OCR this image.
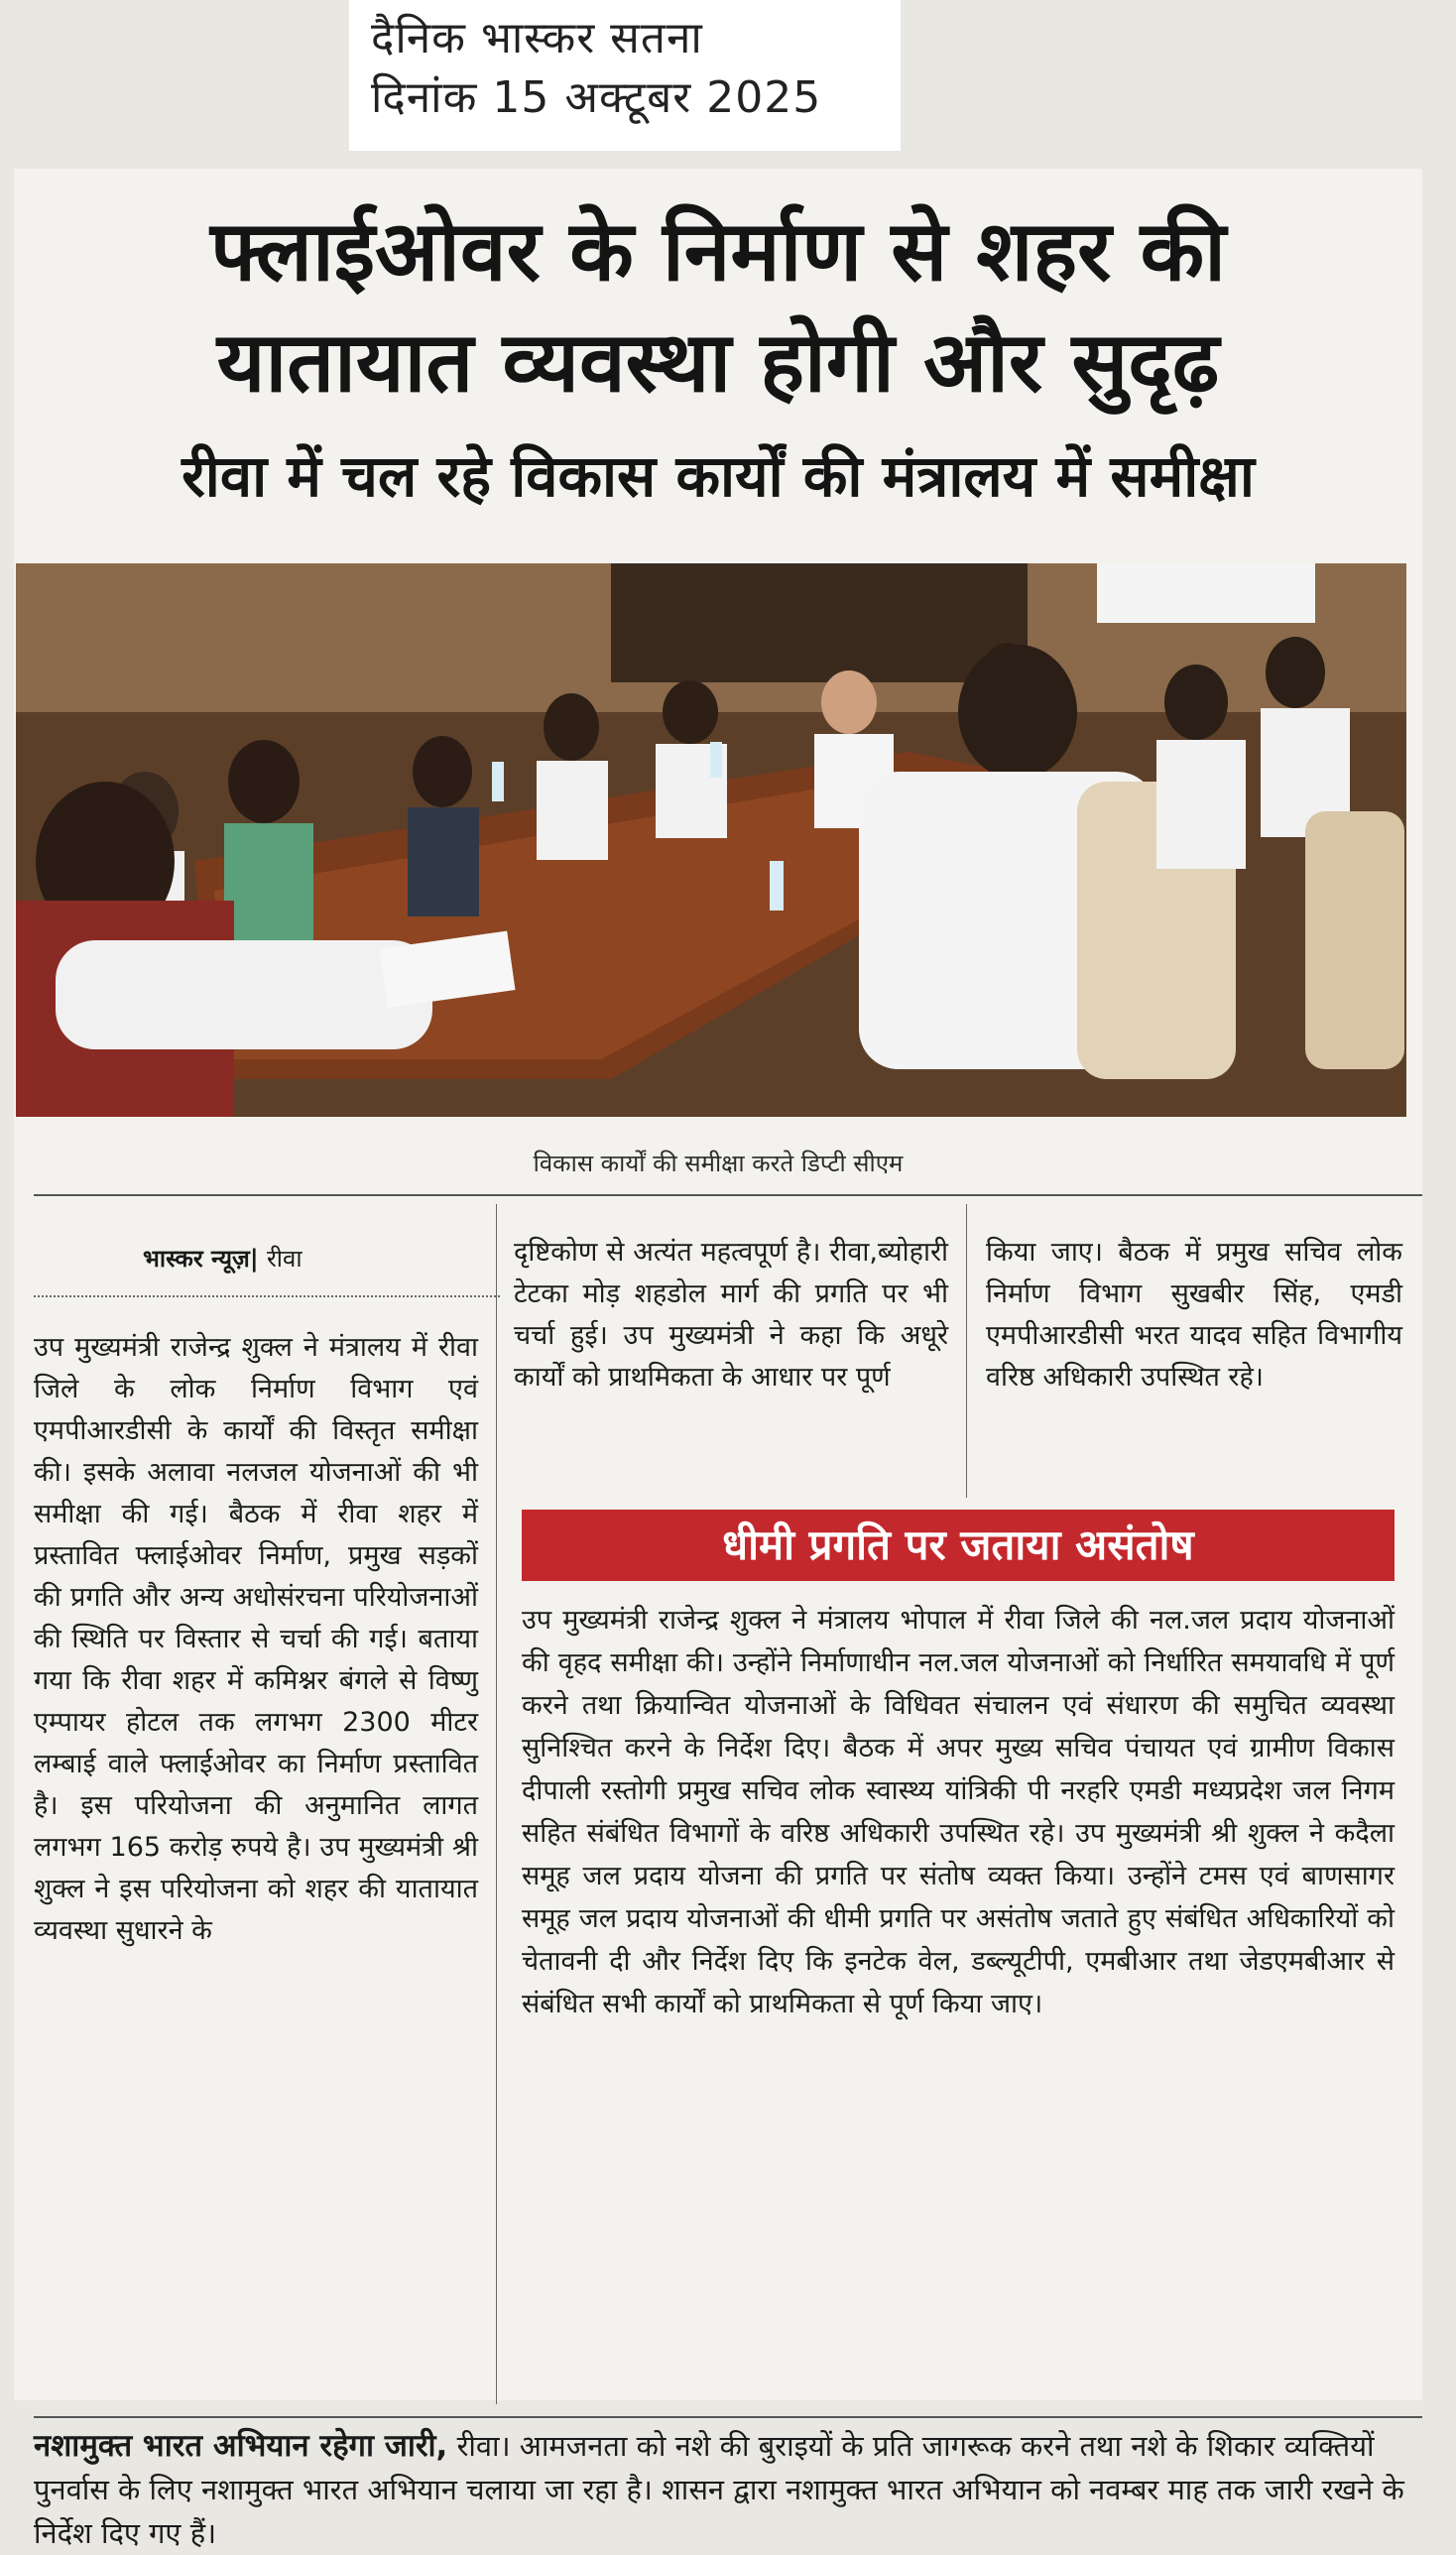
दैनिक भास्कर सतना
दिनांक 15 अक्टूबर 2025
फ्लाईओवर के निर्माण से शहर की
यातायात व्यवस्था होगी और सुदृढ़
रीवा में चल रहे विकास कार्यों की मंत्रालय में समीक्षा
विकास कार्यों की समीक्षा करते डिप्टी सीएम
भास्कर न्यूज़| रीवा
उप मुख्यमंत्री राजेन्द्र शुक्ल ने मंत्रालय में रीवा जिले के लोक निर्माण विभाग एवं एमपीआरडीसी के कार्यों की विस्तृत समीक्षा की। इसके अलावा नलजल योजनाओं की भी समीक्षा की गई। बैठक में रीवा शहर में प्रस्तावित फ्लाईओवर निर्माण, प्रमुख सड़कों की प्रगति और अन्य अधोसंरचना परियोजनाओं की स्थिति पर विस्तार से चर्चा की गई। बताया गया कि रीवा शहर में कमिश्नर बंगले से विष्णु एम्पायर होटल तक लगभग 2300 मीटर लम्बाई वाले फ्लाईओवर का निर्माण प्रस्तावित है। इस परियोजना की अनुमानित लागत लगभग 165 करोड़ रुपये है। उप मुख्यमंत्री श्री शुक्ल ने इस परियोजना को शहर की यातायात व्यवस्था सुधारने के
दृष्टिकोण से अत्यंत महत्वपूर्ण है। रीवा,ब्योहारी टेटका मोड़ शहडोल मार्ग की प्रगति पर भी चर्चा हुई। उप मुख्यमंत्री ने कहा कि अधूरे कार्यों को प्राथमिकता के आधार पर पूर्ण
किया जाए। बैठक में प्रमुख सचिव लोक निर्माण विभाग सुखबीर सिंह, एमडी एमपीआरडीसी भरत यादव सहित विभागीय वरिष्ठ अधिकारी उपस्थित रहे।
धीमी प्रगति पर जताया असंतोष
उप मुख्यमंत्री राजेन्द्र शुक्ल ने मंत्रालय भोपाल में रीवा जिले की नल.जल प्रदाय योजनाओं की वृहद समीक्षा की। उन्होंने निर्माणाधीन नल.जल योजनाओं को निर्धारित समयावधि में पूर्ण करने तथा क्रियान्वित योजनाओं के विधिवत संचालन एवं संधारण की समुचित व्यवस्था सुनिश्चित करने के निर्देश दिए। बैठक में अपर मुख्य सचिव पंचायत एवं ग्रामीण विकास दीपाली रस्तोगी प्रमुख सचिव लोक स्वास्थ्य यांत्रिकी पी नरहरि एमडी मध्यप्रदेश जल निगम सहित संबंधित विभागों के वरिष्ठ अधिकारी उपस्थित रहे। उप मुख्यमंत्री श्री शुक्ल ने कदैला समूह जल प्रदाय योजना की प्रगति पर संतोष व्यक्त किया। उन्होंने टमस एवं बाणसागर समूह जल प्रदाय योजनाओं की धीमी प्रगति पर असंतोष जताते हुए संबंधित अधिकारियों को चेतावनी दी और निर्देश दिए कि इनटेक वेल, डब्ल्यूटीपी, एमबीआर तथा जेडएमबीआर से संबंधित सभी कार्यों को प्राथमिकता से पूर्ण किया जाए।
नशामुक्त भारत अभियान रहेगा जारी, रीवा। आमजनता को नशे की बुराइयों के प्रति जागरूक करने तथा नशे के शिकार व्यक्तियों पुनर्वास के लिए नशामुक्त भारत अभियान चलाया जा रहा है। शासन द्वारा नशामुक्त भारत अभियान को नवम्बर माह तक जारी रखने के निर्देश दिए गए हैं।
